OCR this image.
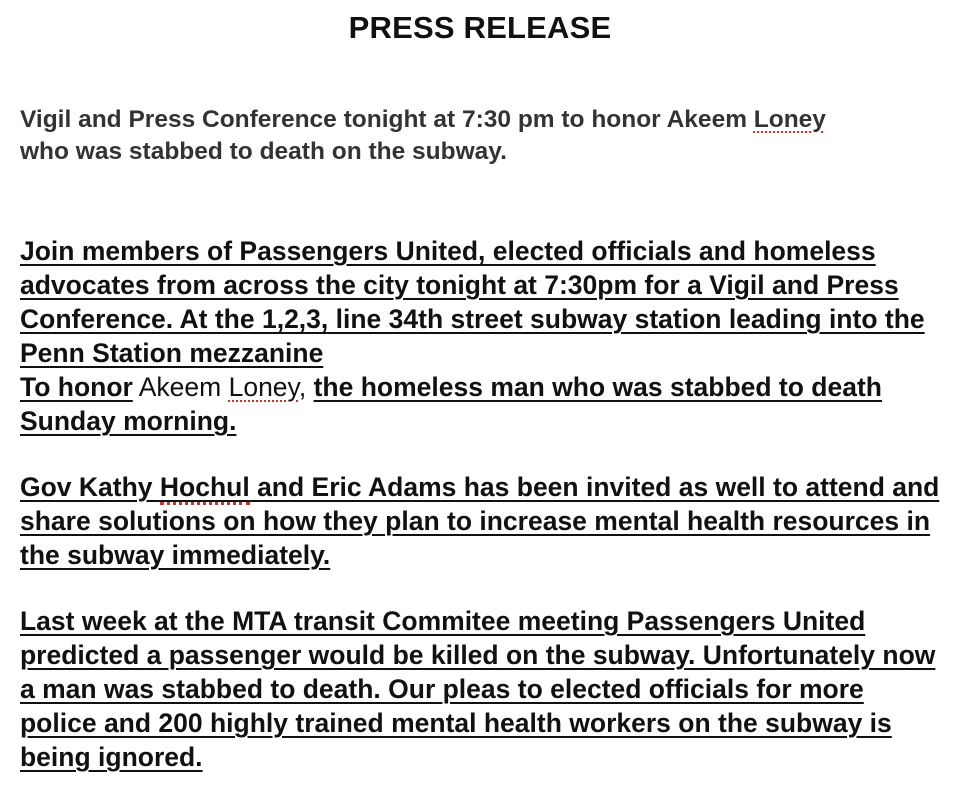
PRESS RELEASE
Vigil and Press Conference tonight at 7:30 pm to honor Akeem Loney
who was stabbed to death on the subway.
Join members of Passengers United, elected officials and homeless advocates from across the city tonight at 7:30pm for a Vigil and Press Conference. At the 1,2,3, line 34th street subway station leading into the Penn Station mezzanine
To honor Akeem Loney, the homeless man who was stabbed to death Sunday morning.
Gov Kathy Hochul and Eric Adams has been invited as well to attend and share solutions on how they plan to increase mental health resources in the subway immediately.
Last week at the MTA transit Commitee meeting Passengers United predicted a passenger would be killed on the subway. Unfortunately now a man was stabbed to death. Our pleas to elected officials for more police and 200 highly trained mental health workers on the subway is being ignored.
